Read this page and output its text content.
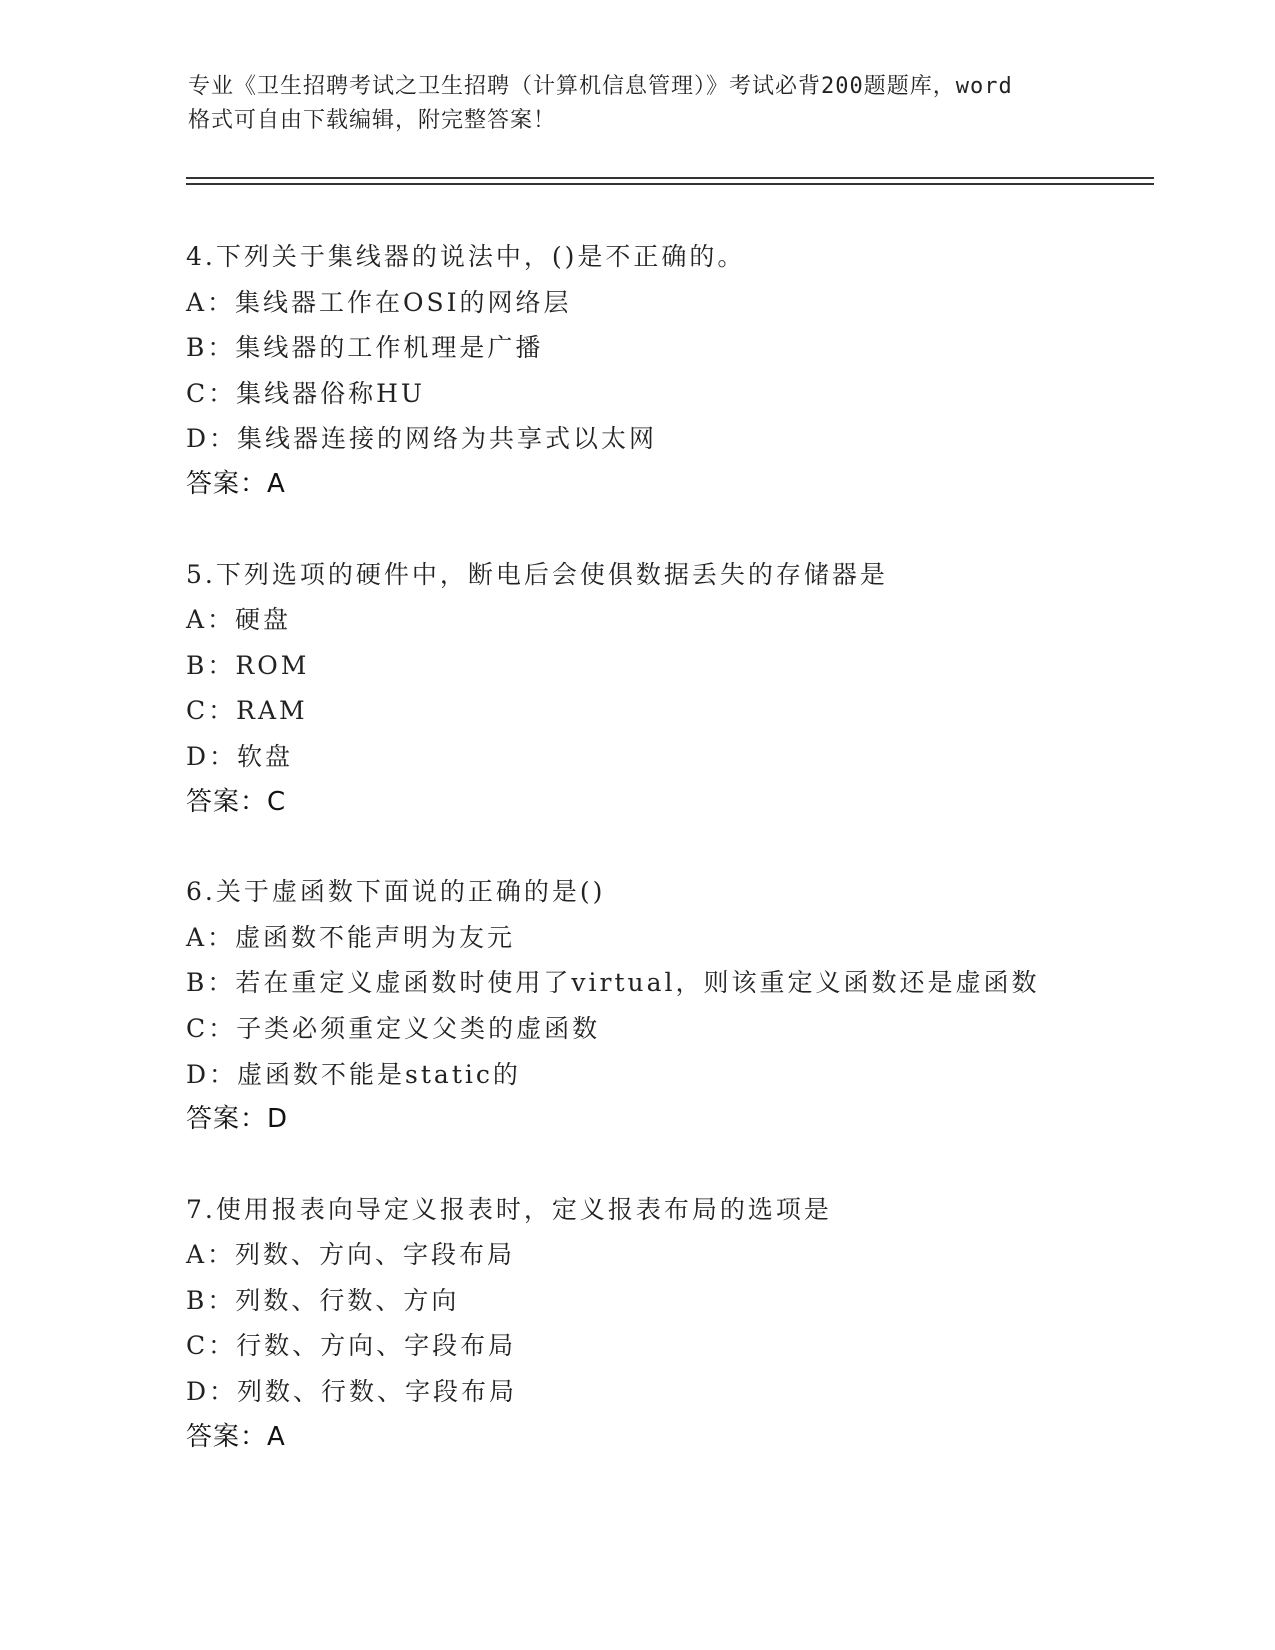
专业《卫生招聘考试之卫生招聘（计算机信息管理）》考试必背200题题库，word
格式可自由下载编辑，附完整答案！
4.下列关于集线器的说法中，()是不正确的。
A：集线器工作在OSI的网络层
B：集线器的工作机理是广播
C：集线器俗称HU
D：集线器连接的网络为共享式以太网
答案：A
5.下列选项的硬件中，断电后会使俱数据丢失的存储器是
A：硬盘
B：ROM
C：RAM
D：软盘
答案：C
6.关于虚函数下面说的正确的是()
A：虚函数不能声明为友元
B：若在重定义虚函数时使用了virtual，则该重定义函数还是虚函数
C：子类必须重定义父类的虚函数
D：虚函数不能是static的
答案：D
7.使用报表向导定义报表时，定义报表布局的选项是
A：列数、方向、字段布局
B：列数、行数、方向
C：行数、方向、字段布局
D：列数、行数、字段布局
答案：A
